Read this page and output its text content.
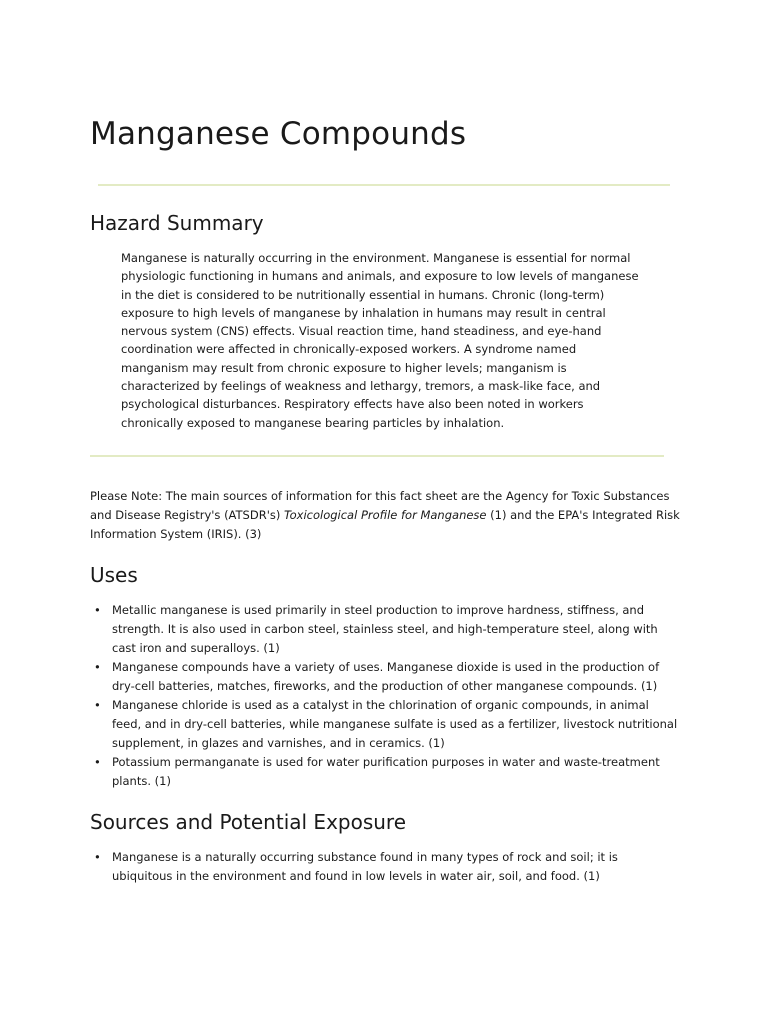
Manganese Compounds
Hazard Summary

Manganese is naturally occurring in the environment. Manganese is essential for normal physiologic functioning in humans and animals, and exposure to low levels of manganese in the diet is considered to be nutritionally essential in humans. Chronic (long-term) exposure to high levels of manganese by inhalation in humans may result in central nervous system (CNS) effects. Visual reaction time, hand steadiness, and eye-hand coordination were affected in chronically-exposed workers. A syndrome named manganism may result from chronic exposure to higher levels; manganism is characterized by feelings of weakness and lethargy, tremors, a mask-like face, and psychological disturbances. Respiratory effects have also been noted in workers chronically exposed to manganese bearing particles by inhalation.

Please Note: The main sources of information for this fact sheet are the Agency for Toxic Substances and Disease Registry's (ATSDR's) Toxicological Profile for Manganese (1) and the EPA's Integrated Risk Information System (IRIS). (3)

Uses
• Metallic manganese is used primarily in steel production to improve hardness, stiffness, and strength. It is also used in carbon steel, stainless steel, and high-temperature steel, along with cast iron and superalloys. (1)
• Manganese compounds have a variety of uses. Manganese dioxide is used in the production of dry-cell batteries, matches, fireworks, and the production of other manganese compounds. (1)
• Manganese chloride is used as a catalyst in the chlorination of organic compounds, in animal feed, and in dry-cell batteries, while manganese sulfate is used as a fertilizer, livestock nutritional supplement, in glazes and varnishes, and in ceramics. (1)
• Potassium permanganate is used for water purification purposes in water and waste-treatment plants. (1)
Sources and Potential Exposure
• Manganese is a naturally occurring substance found in many types of rock and soil; it is ubiquitous in the environment and found in low levels in water air, soil, and food. (1)
